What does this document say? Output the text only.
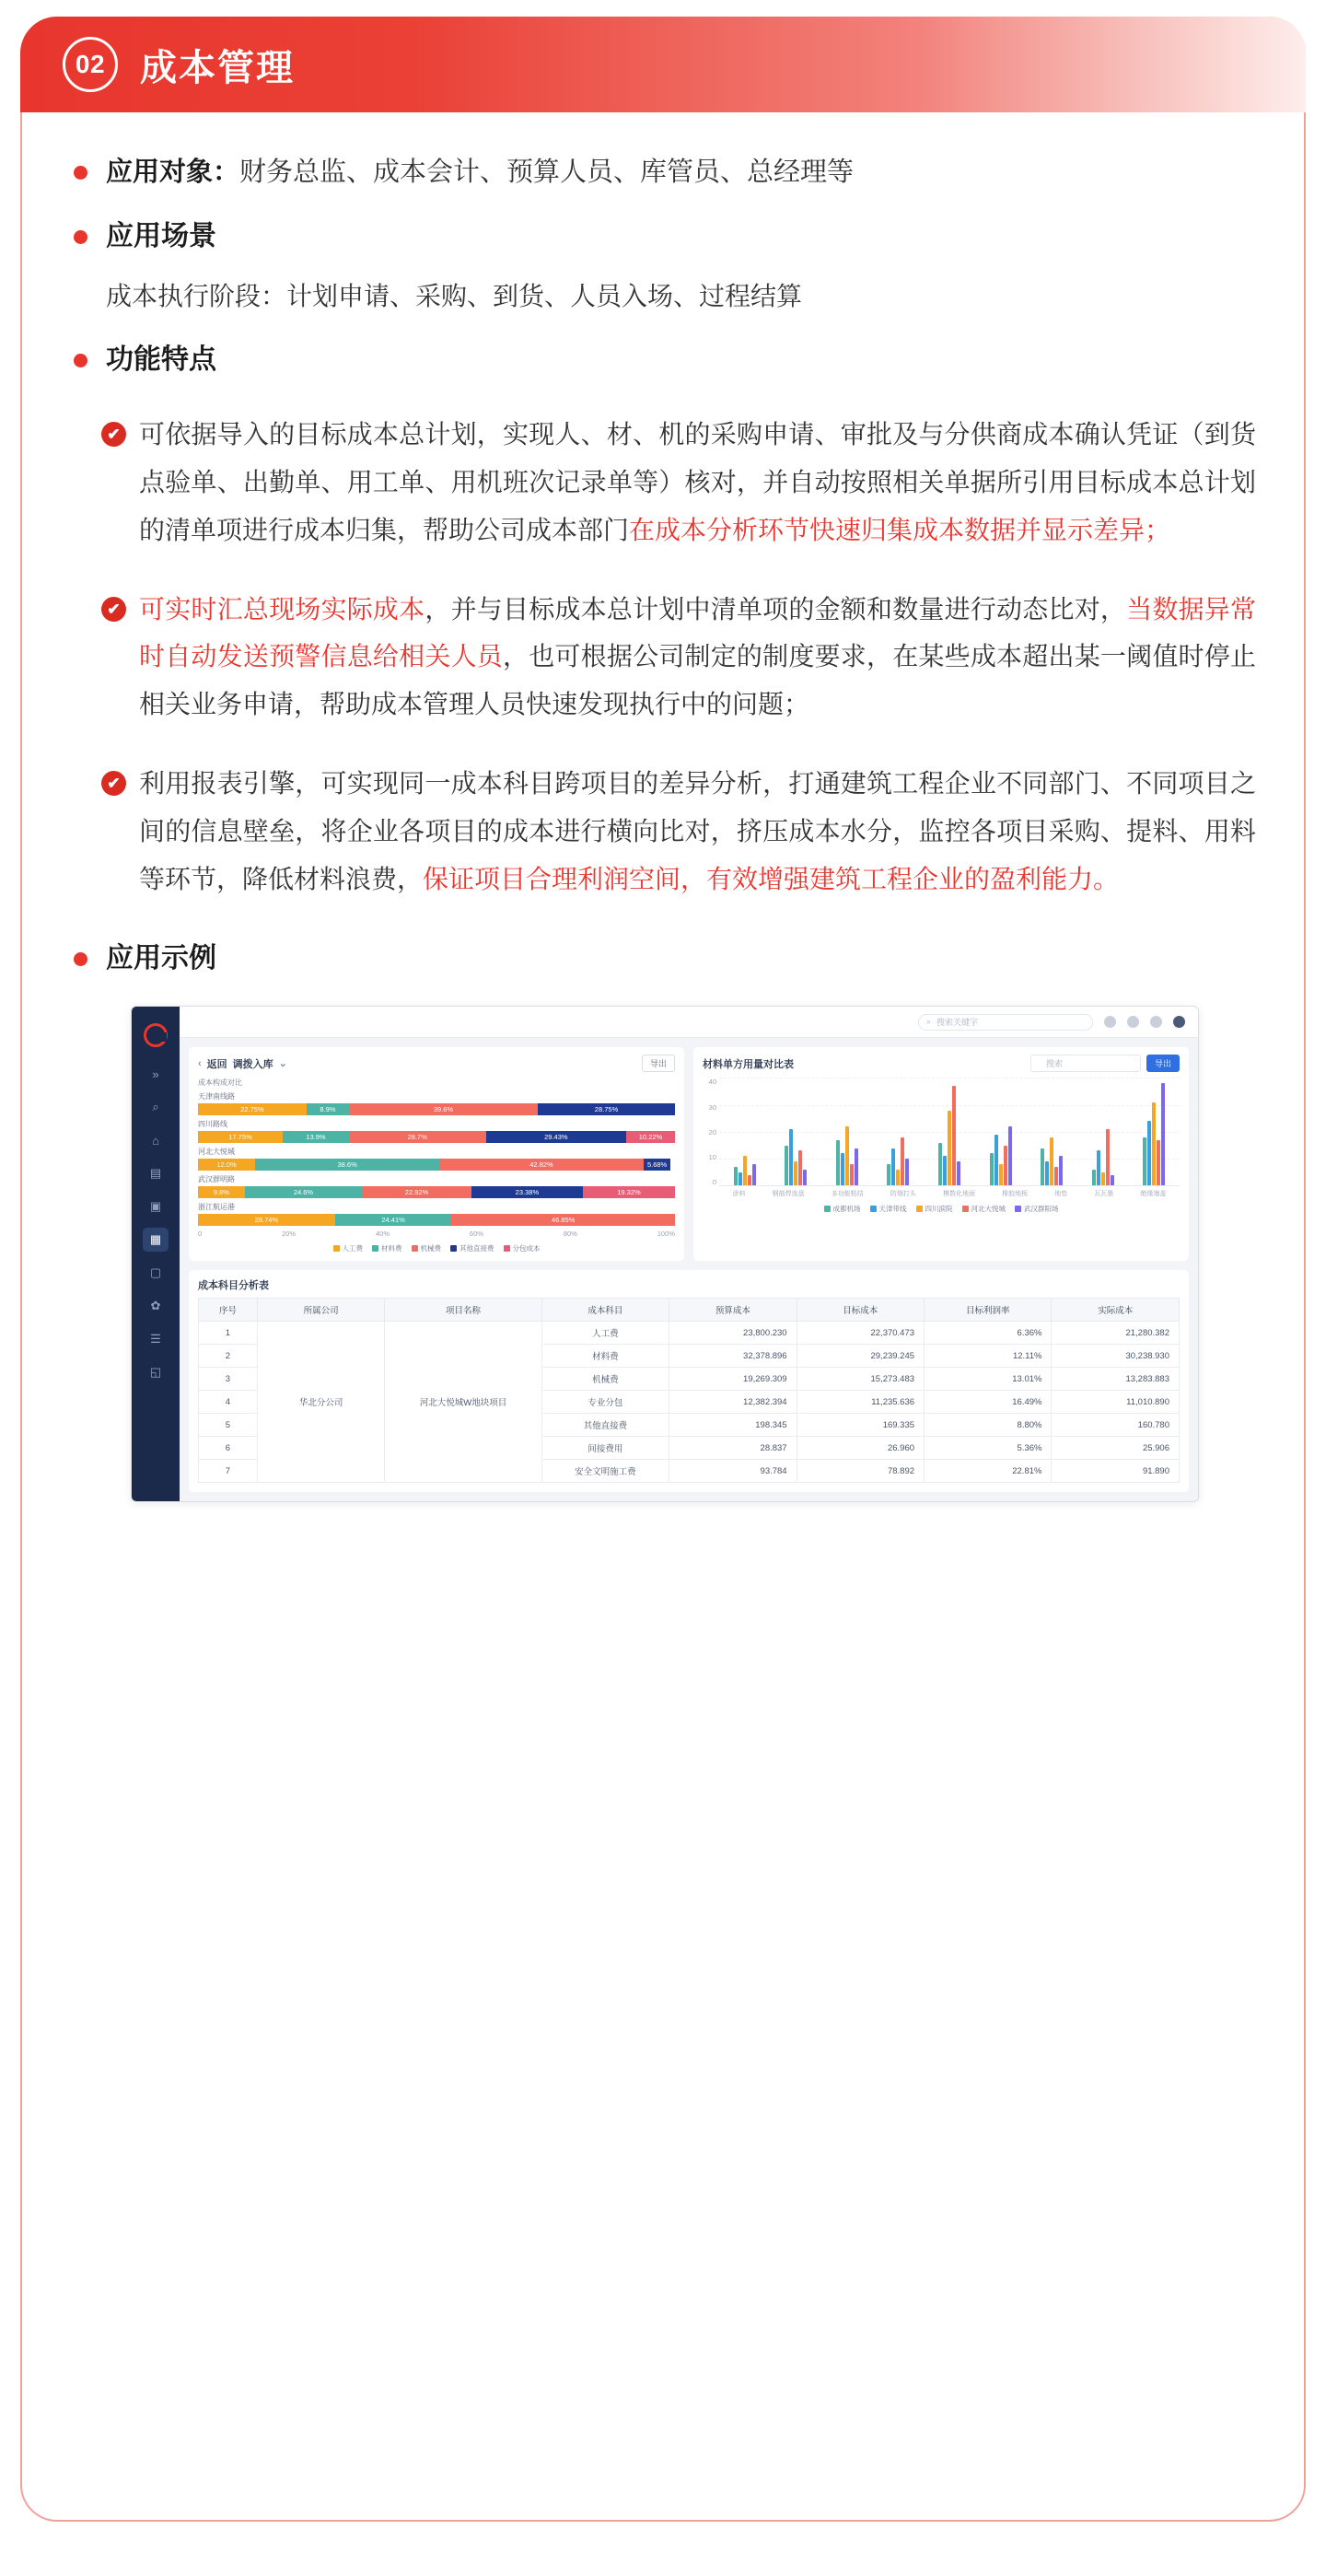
02 成本管理
应用对象：财务总监、成本会计、预算人员、库管员、总经理等
应用场景
成本执行阶段：计划申请、采购、到货、人员入场、过程结算
功能特点
✔ 可依据导入的目标成本总计划，实现人、材、机的采购申请、审批及与分供商成本确认凭证（到货点验单、出勤单、用工单、用机班次记录单等）核对，并自动按照相关单据所引用目标成本总计划的清单项进行成本归集，帮助公司成本部门在成本分析环节快速归集成本数据并显示差异；
✔ 可实时汇总现场实际成本，并与目标成本总计划中清单项的金额和数量进行动态比对，当数据异常时自动发送预警信息给相关人员，也可根据公司制定的制度要求，在某些成本超出某一阈值时停止相关业务申请，帮助成本管理人员快速发现执行中的问题；
✔ 利用报表引擎，可实现同一成本科目跨项目的差异分析，打通建筑工程企业不同部门、不同项目之间的信息壁垒，将企业各项目的成本进行横向比对，挤压成本水分，监控各项目采购、提料、用料等环节，降低材料浪费，保证项目合理利润空间，有效增强建筑工程企业的盈利能力。
应用示例
»
⌕
⌂
▤
▣
▦
▢
✿
☰
◱
⌕ 搜索关键字
‹ 返回 调拨入库 ⌄	导出
成本构成对比
天津南线路
22.75%	8.9%	39.6%	28.75%
四川路线
17.75%	13.9%	28.7%	29.43%	10.22%
河北大悦城
12.0%	38.6%	42.82%	5.68%
武汉群明路
9.8%	24.6%	22.92%	23.38%	19.32%
浙江航运港
28.74%	24.41%	46.85%
0	20%	40%	60%	80%	100%
人工费	材料费	机械费	其他直接费	分包成本
材料单方用量对比表	搜索	导出
40
30
20
10
0
涂料	钢筋焊连盘	多功能粘结	防烟打头	模数化地面	橡胶地板	地垫	瓦瓦墨	绝缘端盖
成都机场	天津带线	四川滨院	河北大悦城	武汉群阳场
成本科目分析表
序号	所属公司	项目名称	成本科目	预算成本	目标成本	目标利润率	实际成本
1	华北分公司	河北大悦城W地块项目	人工费	23,800.230	22,370.473	6.36%	21,280.382
2			材料费	32,378.896	29,239.245	12.11%	30,238.930
3			机械费	19,269.309	15,273.483	13.01%	13,283.883
4			专业分包	12,382.394	11,235.636	16.49%	11,010.890
5			其他直接费	198.345	169.335	8.80%	160.780
6			间接费用	28.837	26.960	5.36%	25.906
7			安全文明施工费	93.784	78.892	22.81%	91.890
